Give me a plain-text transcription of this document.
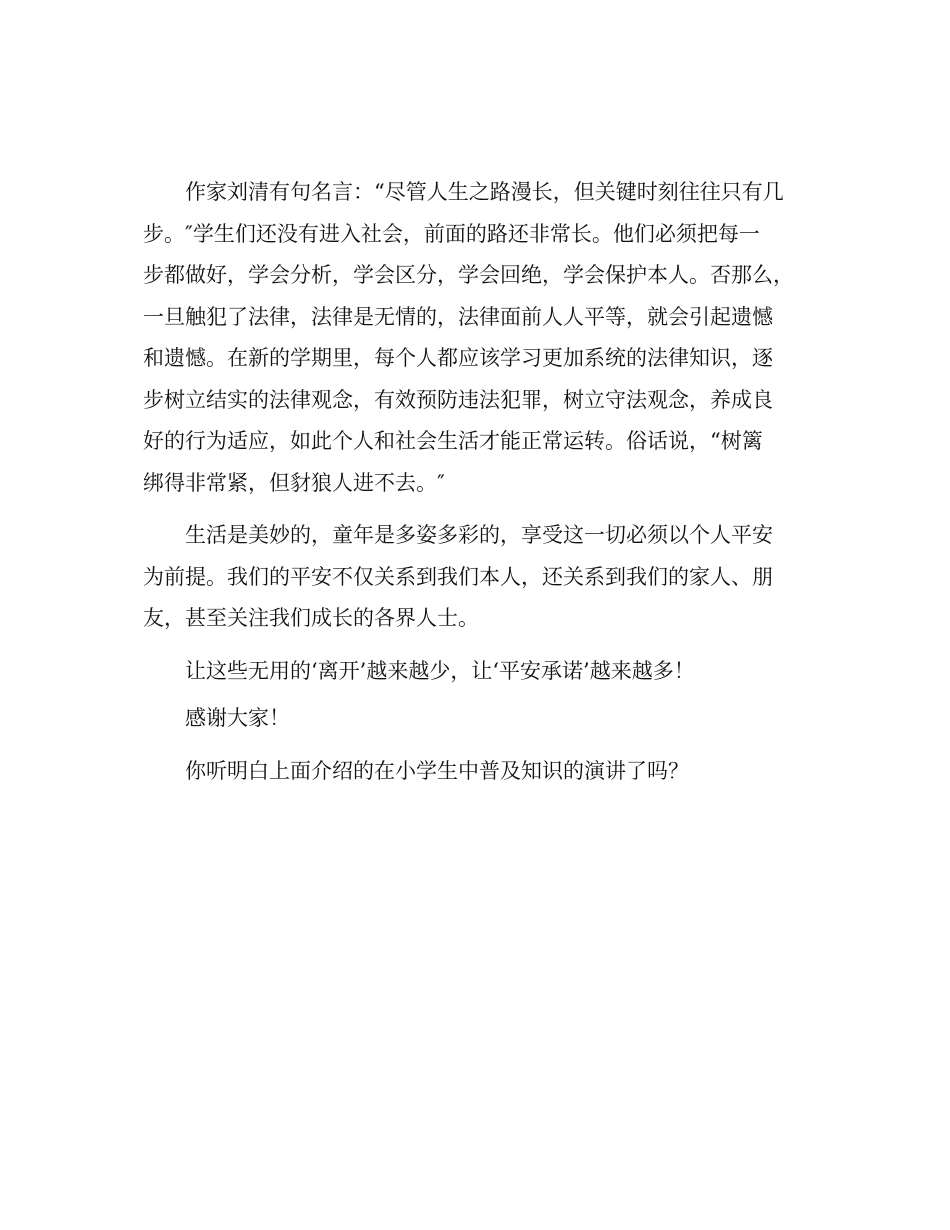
　　作家刘清有句名言：“尽管人生之路漫长，但关键时刻往往只有几
步。″学生们还没有进入社会，前面的路还非常长。他们必须把每一
步都做好，学会分析，学会区分，学会回绝，学会保护本人。否那么，
一旦触犯了法律，法律是无情的，法律面前人人平等，就会引起遗憾
和遗憾。在新的学期里，每个人都应该学习更加系统的法律知识，逐
步树立结实的法律观念，有效预防违法犯罪，树立守法观念，养成良
好的行为适应，如此个人和社会生活才能正常运转。俗话说，“树篱
绑得非常紧，但豺狼人进不去。″
　　生活是美妙的，童年是多姿多彩的，享受这一切必须以个人平安
为前提。我们的平安不仅关系到我们本人，还关系到我们的家人、朋
友，甚至关注我们成长的各界人士。
　　让这些无用的‘离开’越来越少，让‘平安承诺’越来越多！
　　感谢大家！
　　你听明白上面介绍的在小学生中普及知识的演讲了吗？
